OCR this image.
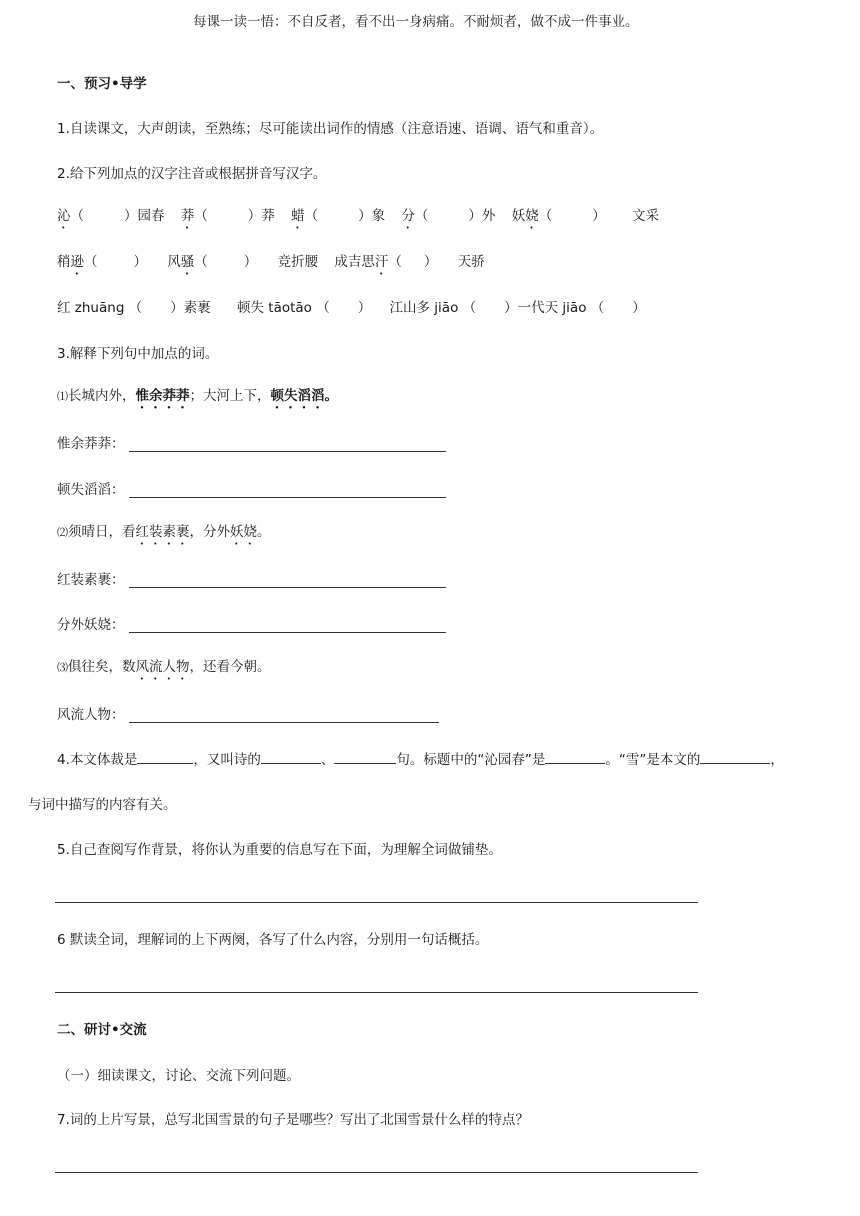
每课一读一悟：不自反者，看不出一身病痛。不耐烦者，做不成一件事业。
一、预习•导学
1.自读课文，大声朗读，至熟练；尽可能读出词作的情感（注意语速、语调、语气和重音）。
2.给下列加点的汉字注音或根据拼音写汉字。
沁（	）园春 莽（	）莽 蜡（	）象 分（	）外 妖娆（	） 文采
稍逊（	） 风骚（	） 竞折腰 成吉思汗（ ） 天骄
红 zhuāng （ ）素裹 顿失 tāotāo （ ） 江山多 jiāo （ ）一代天 jiāo （ ）
3.解释下列句中加点的词。
⑴长城内外，惟余莽莽；大河上下，顿失滔滔。
惟余莽莽：
顿失滔滔：
⑵须晴日，看红装素裹，分外妖娆。
红装素裹：
分外妖娆：
⑶俱往矣，数风流人物，还看今朝。
风流人物：
4.本文体裁是	，又叫诗的	、	句。标题中的“沁园春”是	。“雪”是本文的	，
与词中描写的内容有关。
5.自己查阅写作背景，将你认为重要的信息写在下面，为理解全词做铺垫。
6 默读全词，理解词的上下两阕，各写了什么内容，分别用一句话概括。
二、研讨•交流
（一）细读课文，讨论、交流下列问题。
7.词的上片写景，总写北国雪景的句子是哪些？写出了北国雪景什么样的特点？
